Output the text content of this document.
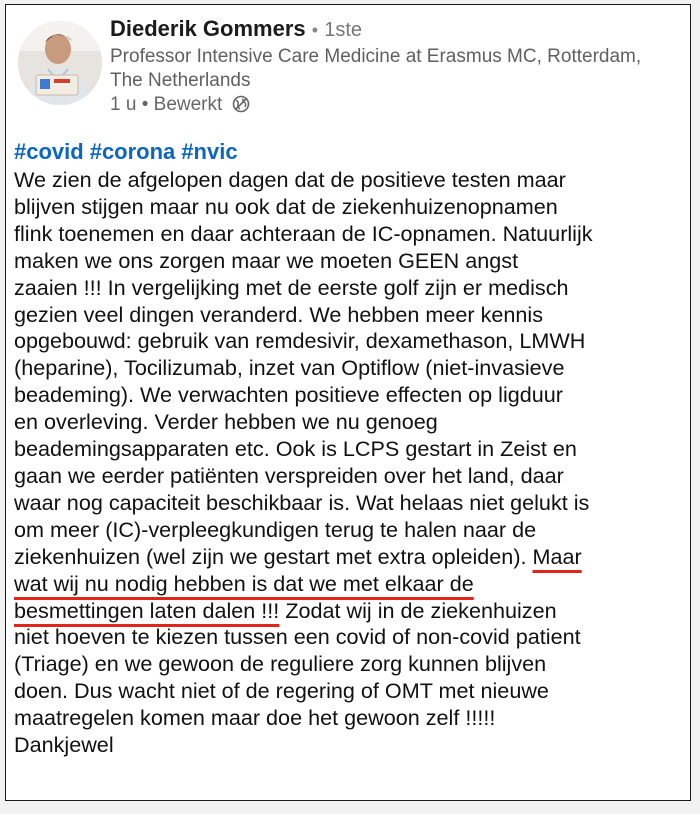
Diederik Gommers • 1ste
Professor Intensive Care Medicine at Erasmus MC, Rotterdam, The Netherlands
1 u • Bewerkt
#covid #corona #nvic
We zien de afgelopen dagen dat de positieve testen maar
blijven stijgen maar nu ook dat de ziekenhuizenopnamen
flink toenemen en daar achteraan de IC-opnamen. Natuurlijk
maken we ons zorgen maar we moeten GEEN angst
zaaien !!! In vergelijking met de eerste golf zijn er medisch
gezien veel dingen veranderd. We hebben meer kennis
opgebouwd: gebruik van remdesivir, dexamethason, LMWH
(heparine), Tocilizumab, inzet van Optiflow (niet-invasieve
beademing). We verwachten positieve effecten op ligduur
en overleving. Verder hebben we nu genoeg
beademingsapparaten etc. Ook is LCPS gestart in Zeist en
gaan we eerder patiënten verspreiden over het land, daar
waar nog capaciteit beschikbaar is. Wat helaas niet gelukt is
om meer (IC)-verpleegkundigen terug te halen naar de
ziekenhuizen (wel zijn we gestart met extra opleiden). Maar
wat wij nu nodig hebben is dat we met elkaar de
besmettingen laten dalen !!! Zodat wij in de ziekenhuizen
niet hoeven te kiezen tussen een covid of non-covid patient
(Triage) en we gewoon de reguliere zorg kunnen blijven
doen. Dus wacht niet of de regering of OMT met nieuwe
maatregelen komen maar doe het gewoon zelf !!!!!
Dankjewel
